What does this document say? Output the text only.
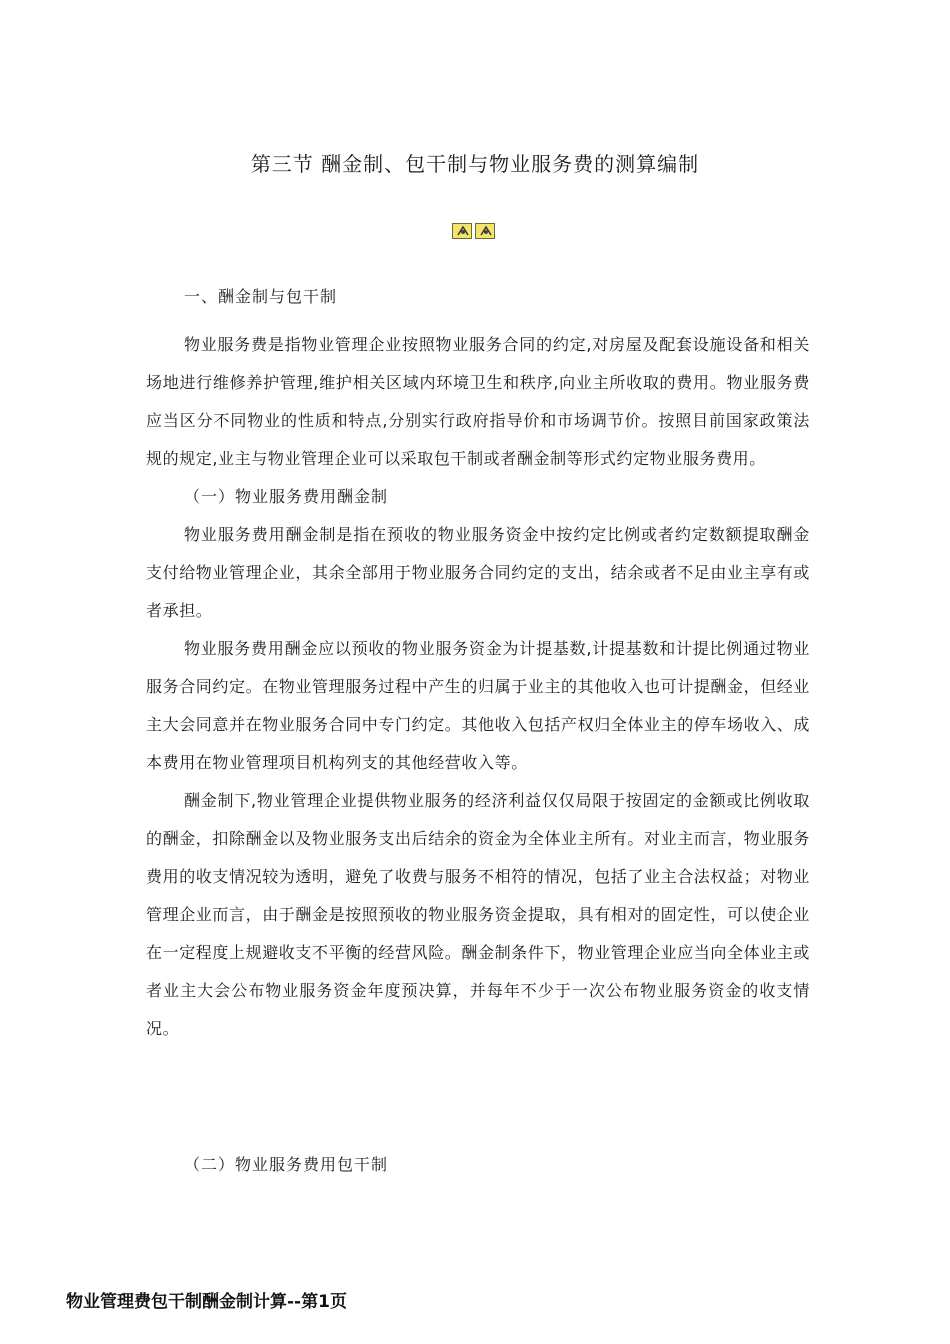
第三节 酬金制、包干制与物业服务费的测算编制
一、酬金制与包干制

物业服务费是指物业管理企业按照物业服务合同的约定,对房屋及配套设施设备和相关场地进行维修养护管理,维护相关区域内环境卫生和秩序,向业主所收取的费用。物业服务费应当区分不同物业的性质和特点,分别实行政府指导价和市场调节价。按照目前国家政策法规的规定,业主与物业管理企业可以采取包干制或者酬金制等形式约定物业服务费用。

（一）物业服务费用酬金制

物业服务费用酬金制是指在预收的物业服务资金中按约定比例或者约定数额提取酬金支付给物业管理企业，其余全部用于物业服务合同约定的支出，结余或者不足由业主享有或者承担。

物业服务费用酬金应以预收的物业服务资金为计提基数,计提基数和计提比例通过物业服务合同约定。在物业管理服务过程中产生的归属于业主的其他收入也可计提酬金，但经业主大会同意并在物业服务合同中专门约定。其他收入包括产权归全体业主的停车场收入、成本费用在物业管理项目机构列支的其他经营收入等。

酬金制下,物业管理企业提供物业服务的经济利益仅仅局限于按固定的金额或比例收取的酬金，扣除酬金以及物业服务支出后结余的资金为全体业主所有。对业主而言，物业服务费用的收支情况较为透明，避免了收费与服务不相符的情况，包括了业主合法权益；对物业管理企业而言，由于酬金是按照预收的物业服务资金提取，具有相对的固定性，可以使企业在一定程度上规避收支不平衡的经营风险。酬金制条件下，物业管理企业应当向全体业主或者业主大会公布物业服务资金年度预决算，并每年不少于一次公布物业服务资金的收支情况。

（二）物业服务费用包干制
物业管理费包干制酬金制计算--第1页
